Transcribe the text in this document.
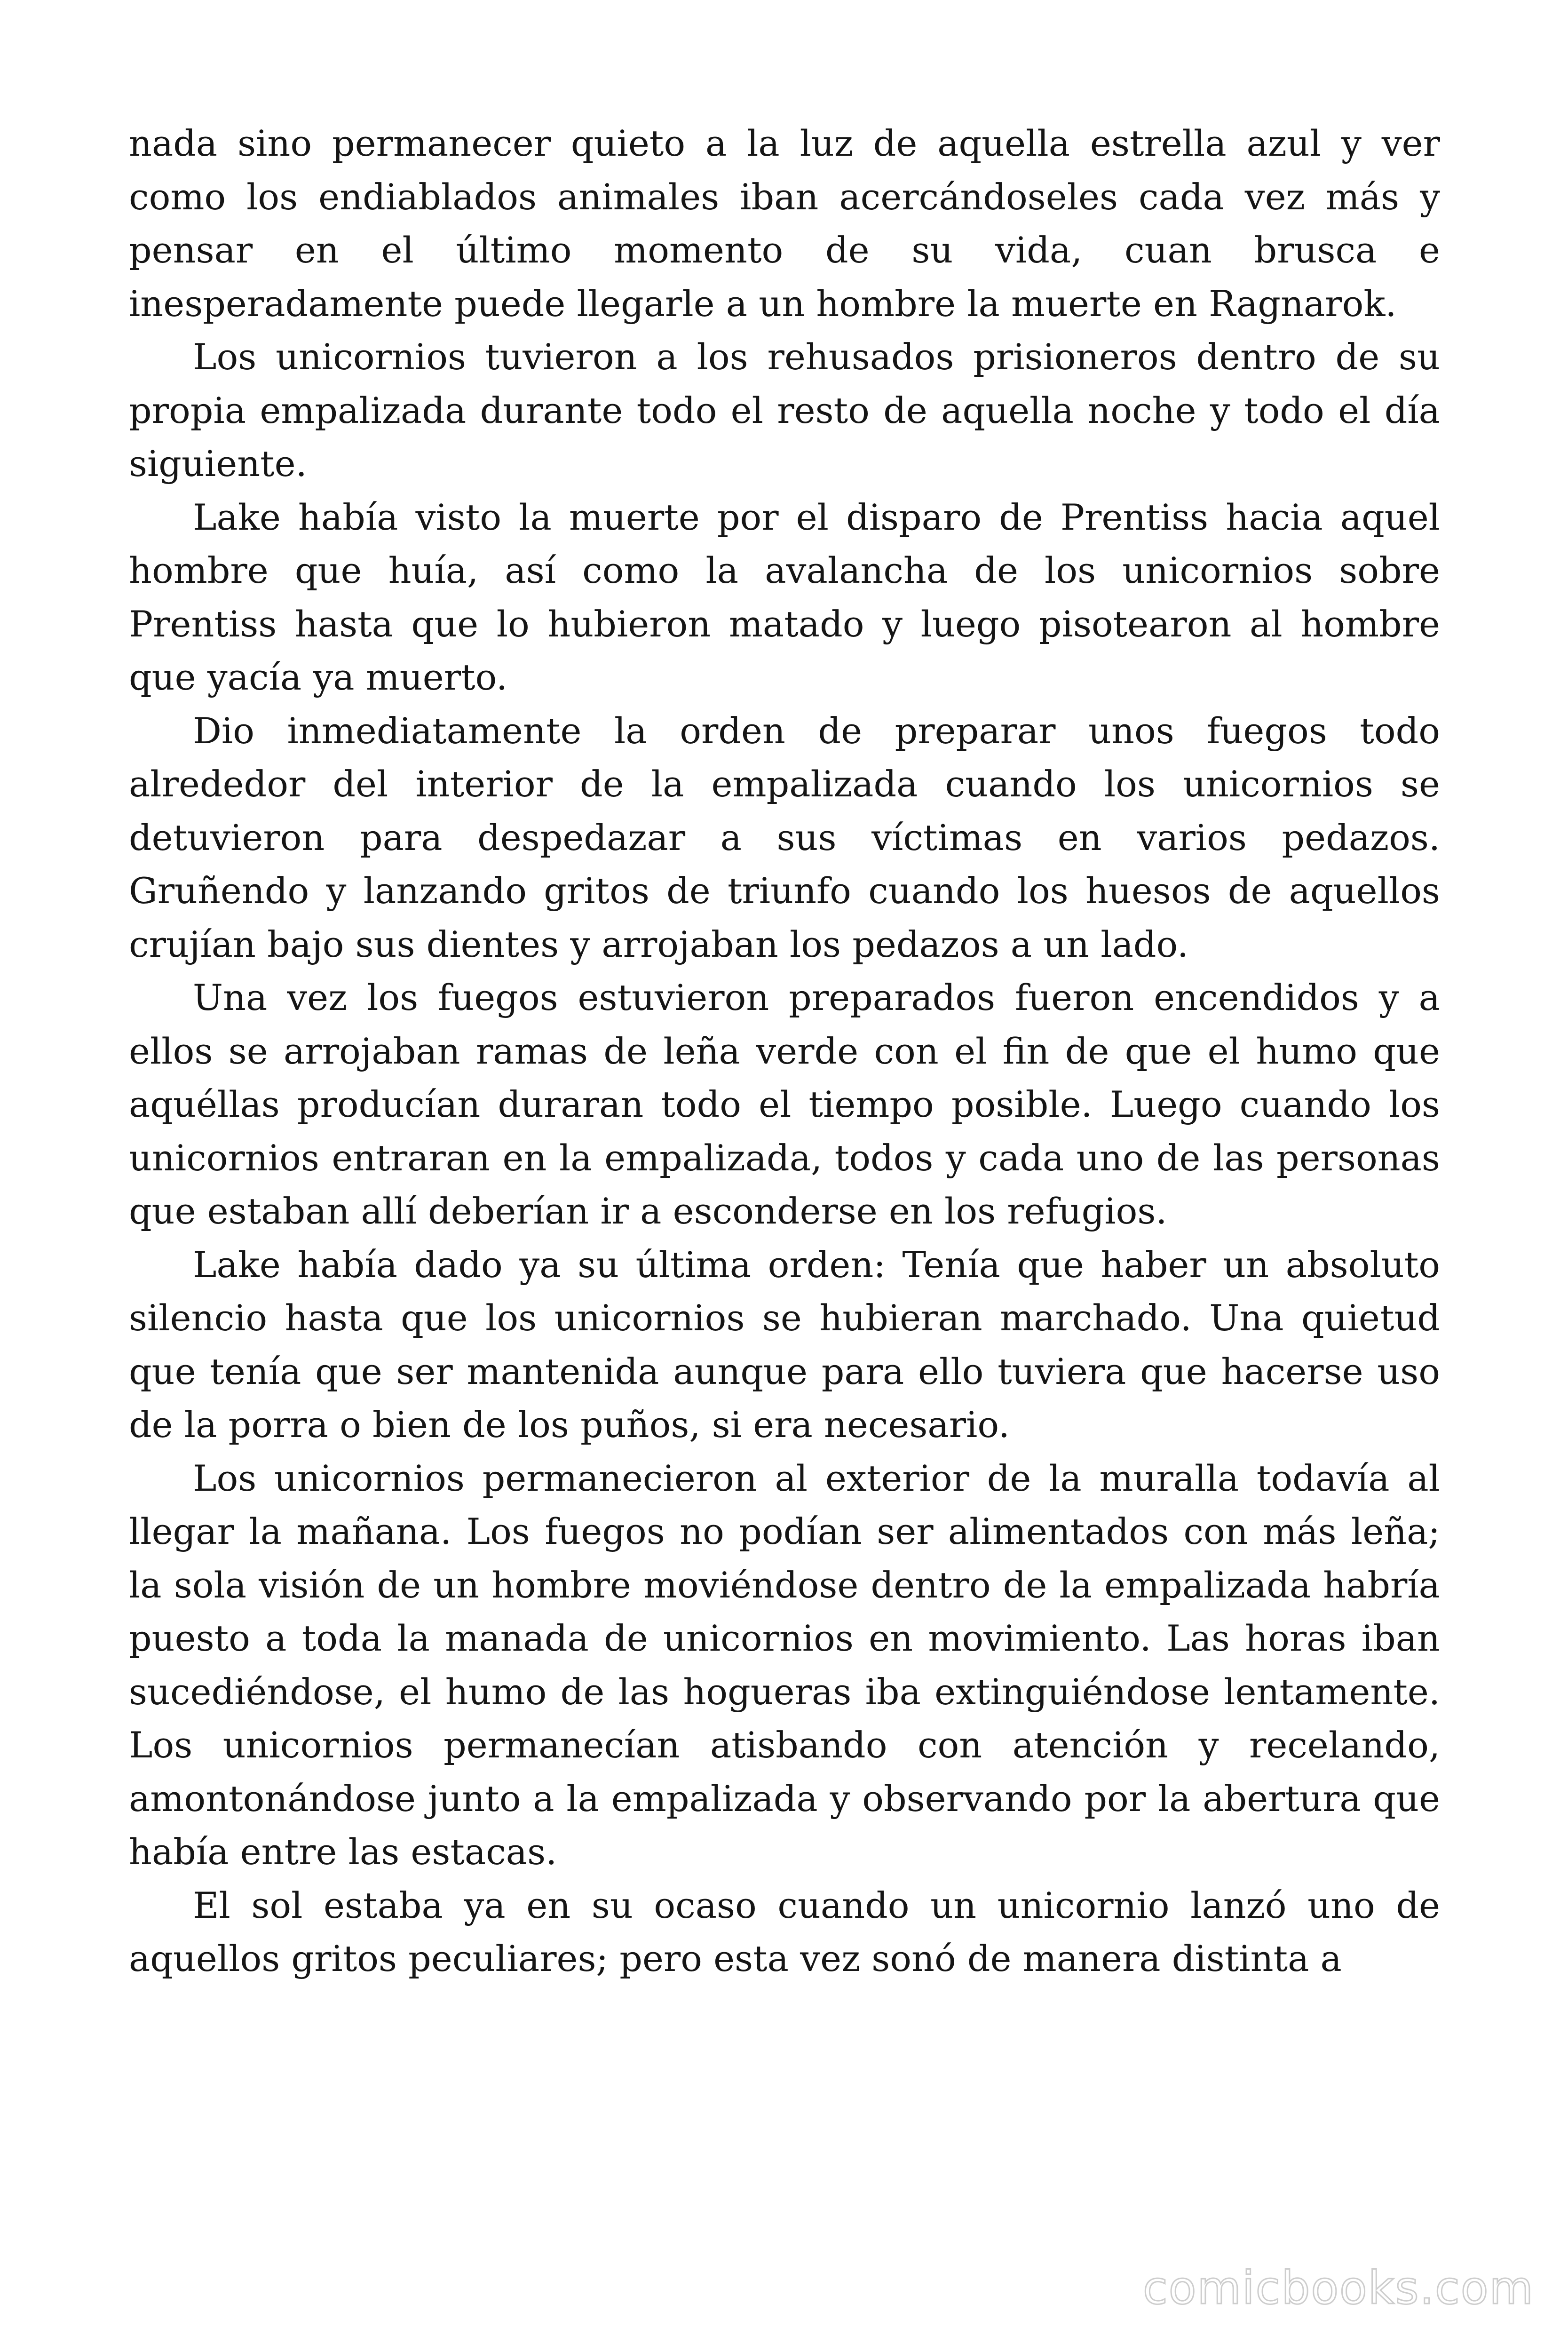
nada sino permanecer quieto a la luz de aquella estrella azul y ver como los endiablados animales iban acercándoseles cada vez más y pensar en el último momento de su vida, cuan brusca e inesperadamente puede llegarle a un hombre la muerte en Ragnarok.

Los unicornios tuvieron a los rehusados prisioneros dentro de su propia empalizada durante todo el resto de aquella noche y todo el día siguiente.

Lake había visto la muerte por el disparo de Prentiss hacia aquel hombre que huía, así como la avalancha de los unicornios sobre Prentiss hasta que lo hubieron matado y luego pisotearon al hombre que yacía ya muerto.

Dio inmediatamente la orden de preparar unos fuegos todo alrededor del interior de la empalizada cuando los unicornios se detuvieron para despedazar a sus víctimas en varios pedazos. Gruñendo y lanzando gritos de triunfo cuando los huesos de aquellos crujían bajo sus dientes y arrojaban los pedazos a un lado.

Una vez los fuegos estuvieron preparados fueron encendidos y a ellos se arrojaban ramas de leña verde con el fin de que el humo que aquéllas producían duraran todo el tiempo posible. Luego cuando los unicornios entraran en la empalizada, todos y cada uno de las personas que estaban allí deberían ir a esconderse en los refugios.

Lake había dado ya su última orden: Tenía que haber un absoluto silencio hasta que los unicornios se hubieran marchado. Una quietud que tenía que ser mantenida aunque para ello tuviera que hacerse uso de la porra o bien de los puños, si era necesario.

Los unicornios permanecieron al exterior de la muralla todavía al llegar la mañana. Los fuegos no podían ser alimentados con más leña; la sola visión de un hombre moviéndose dentro de la empalizada habría puesto a toda la manada de unicornios en movimiento. Las horas iban sucediéndose, el humo de las hogueras iba extinguiéndose lentamente. Los unicornios permanecían atisbando con atención y recelando, amontonándose junto a la empalizada y observando por la abertura que había entre las estacas.

El sol estaba ya en su ocaso cuando un unicornio lanzó uno de aquellos gritos peculiares; pero esta vez sonó de manera distinta a

comicbooks.com
